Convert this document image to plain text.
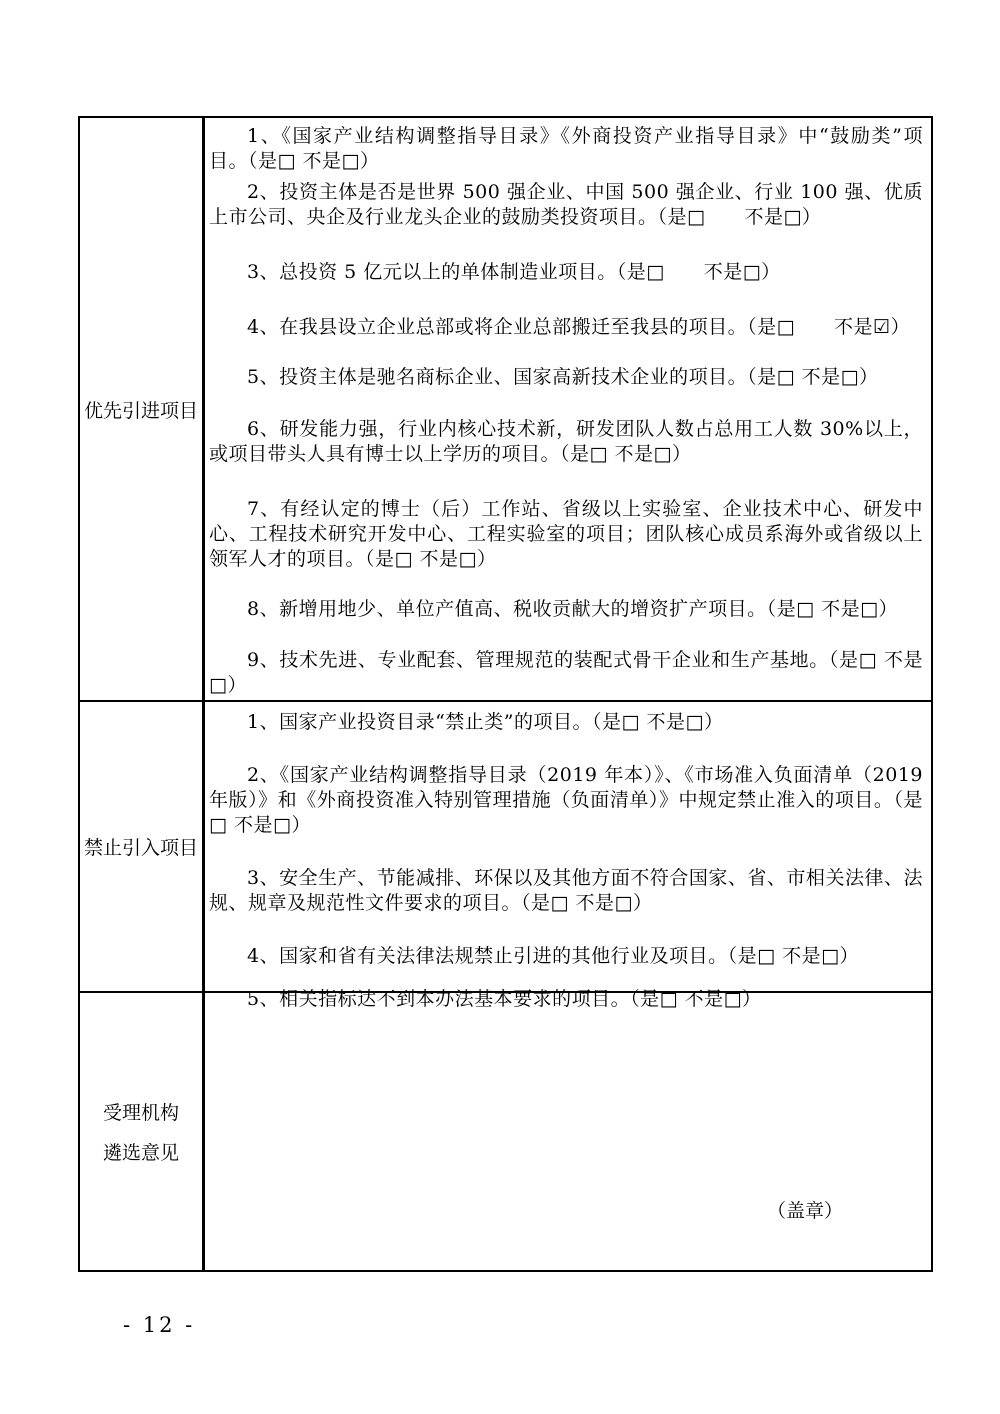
优先引进项目

1、《国家产业结构调整指导目录》《外商投资产业指导目录》中“鼓励类”项目。（是□ 不是□）

2、投资主体是否是世界 500 强企业、中国 500 强企业、行业 100 强、优质上市公司、央企及行业龙头企业的鼓励类投资项目。（是□　　不是□）

3、总投资 5 亿元以上的单体制造业项目。（是□　　不是□）

4、在我县设立企业总部或将企业总部搬迁至我县的项目。（是□　　不是☑）

5、投资主体是驰名商标企业、国家高新技术企业的项目。（是□ 不是□）

6、研发能力强，行业内核心技术新，研发团队人数占总用工人数 30%以上，或项目带头人具有博士以上学历的项目。（是□ 不是□）

7、有经认定的博士（后）工作站、省级以上实验室、企业技术中心、研发中心、工程技术研究开发中心、工程实验室的项目；团队核心成员系海外或省级以上领军人才的项目。（是□ 不是□）

8、新增用地少、单位产值高、税收贡献大的增资扩产项目。（是□ 不是□）

9、技术先进、专业配套、管理规范的装配式骨干企业和生产基地。（是□ 不是□）

禁止引入项目

1、国家产业投资目录“禁止类”的项目。（是□ 不是□）

2、《国家产业结构调整指导目录（2019 年本）》、《市场准入负面清单（2019 年版）》和《外商投资准入特别管理措施（负面清单）》中规定禁止准入的项目。（是□ 不是□）

3、安全生产、节能减排、环保以及其他方面不符合国家、省、市相关法律、法规、规章及规范性文件要求的项目。（是□ 不是□）

4、国家和省有关法律法规禁止引进的其他行业及项目。（是□ 不是□）

5、相关指标达不到本办法基本要求的项目。（是□ 不是□）

受理机构
遴选意见
（盖章）
- 12 -
